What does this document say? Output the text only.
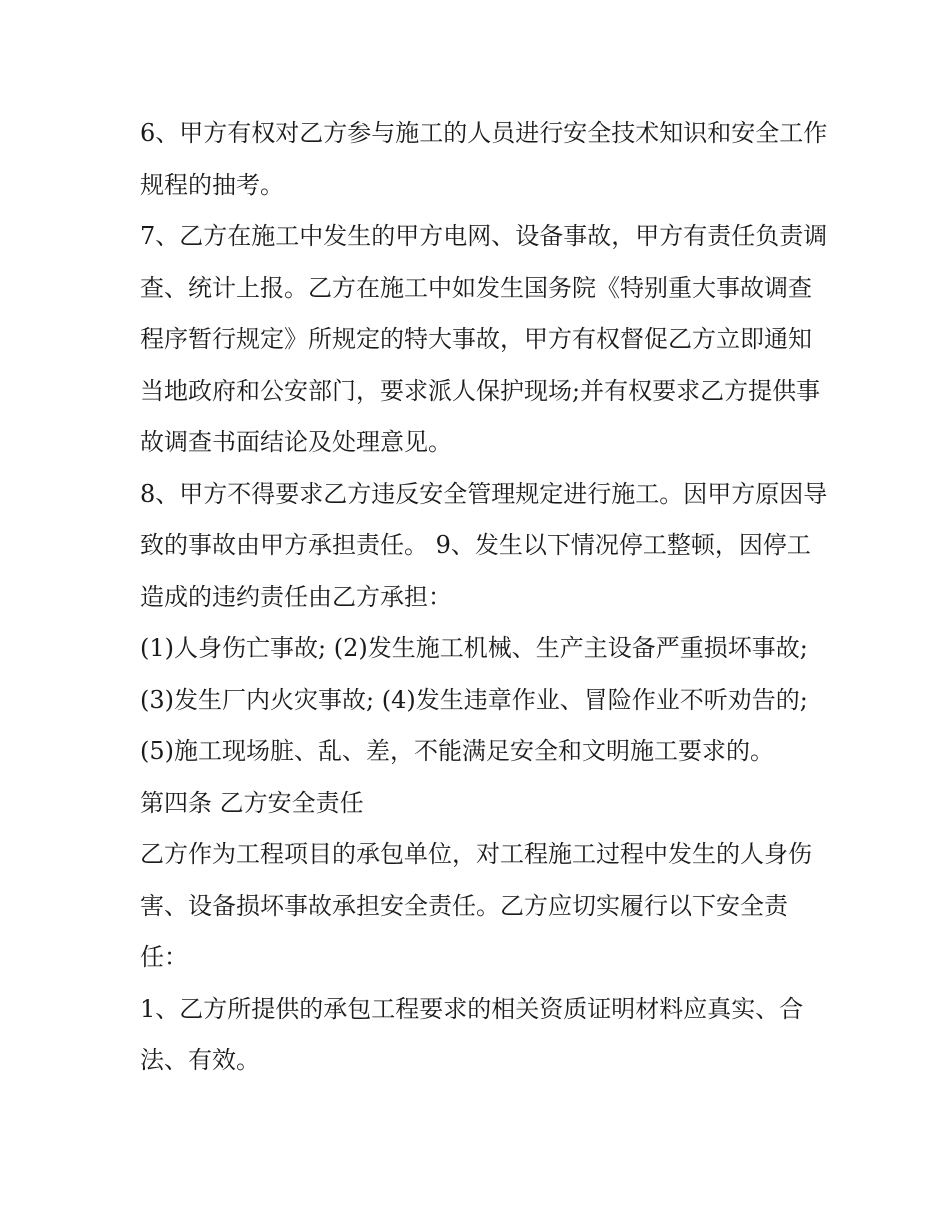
6、甲方有权对乙方参与施工的人员进行安全技术知识和安全工作规程的抽考。

7、乙方在施工中发生的甲方电网、设备事故，甲方有责任负责调查、统计上报。乙方在施工中如发生国务院《特别重大事故调查程序暂行规定》所规定的特大事故，甲方有权督促乙方立即通知当地政府和公安部门，要求派人保护现场;并有权要求乙方提供事故调查书面结论及处理意见。

8、甲方不得要求乙方违反安全管理规定进行施工。因甲方原因导致的事故由甲方承担责任。 9、发生以下情况停工整顿，因停工造成的违约责任由乙方承担：

(1)人身伤亡事故; (2)发生施工机械、生产主设备严重损坏事故; (3)发生厂内火灾事故; (4)发生违章作业、冒险作业不听劝告的;

(5)施工现场脏、乱、差，不能满足安全和文明施工要求的。

第四条 乙方安全责任

乙方作为工程项目的承包单位，对工程施工过程中发生的人身伤害、设备损坏事故承担安全责任。乙方应切实履行以下安全责任：

1、乙方所提供的承包工程要求的相关资质证明材料应真实、合法、有效。
